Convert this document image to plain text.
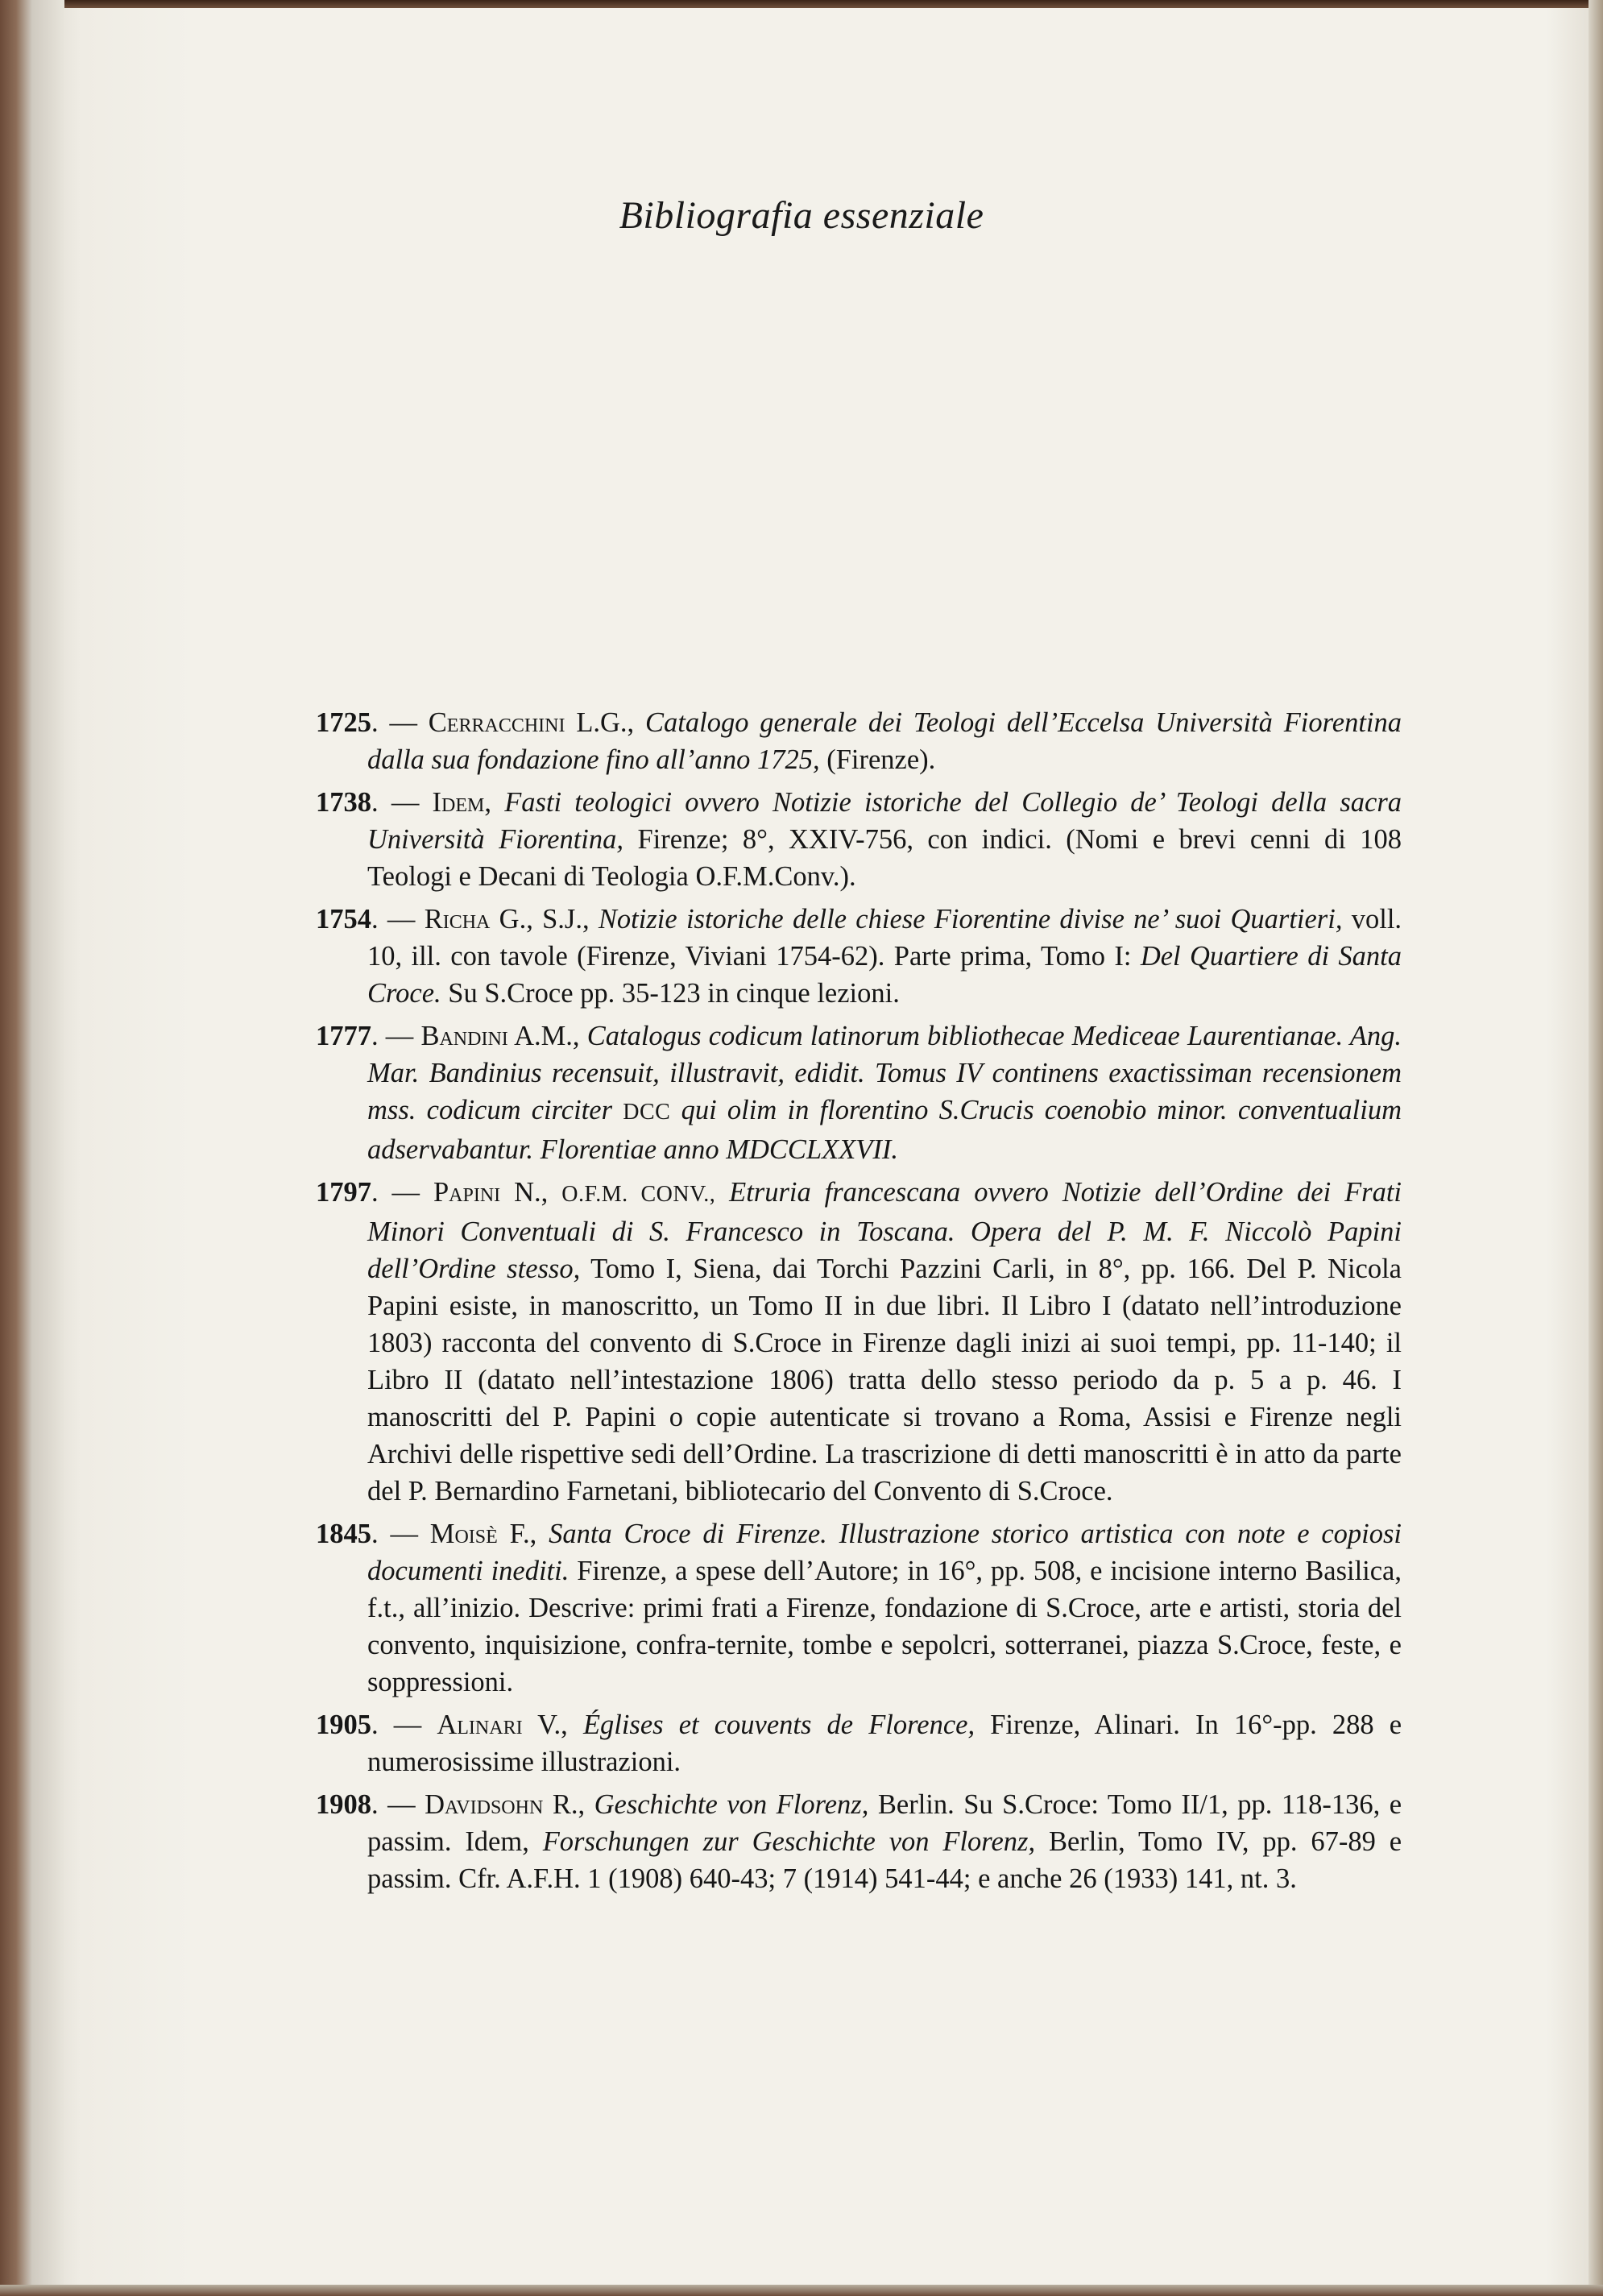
Bibliografia essenziale

1725. — Cerracchini L.G., Catalogo generale dei Teologi dell’Eccelsa Università Fiorentina dalla sua fondazione fino all’anno 1725, (Firenze).

1738. — Idem, Fasti teologici ovvero Notizie istoriche del Collegio de’ Teologi della sacra Università Fiorentina, Firenze; 8°, XXIV-756, con indici. (Nomi e brevi cenni di 108 Teologi e Decani di Teologia O.F.M.Conv.).

1754. — Richa G., S.J., Notizie istoriche delle chiese Fiorentine divise ne’ suoi Quartieri, voll. 10, ill. con tavole (Firenze, Viviani 1754-62). Parte prima, Tomo I: Del Quartiere di Santa Croce. Su S.Croce pp. 35-123 in cinque lezioni.

1777. — Bandini A.M., Catalogus codicum latinorum bibliothecae Mediceae Laurentianae. Ang. Mar. Bandinius recensuit, illustravit, edidit. Tomus IV continens exactissiman recensionem mss. codicum circiter DCC qui olim in florentino S.Crucis coenobio minor. conventualium adservabantur. Florentiae anno MDCCLXXVII.

1797. — Papini N., O.F.M. CONV., Etruria francescana ovvero Notizie dell’Ordine dei Frati Minori Conventuali di S. Francesco in Toscana. Opera del P. M. F. Niccolò Papini dell’Ordine stesso, Tomo I, Siena, dai Torchi Pazzini Carli, in 8°, pp. 166. Del P. Nicola Papini esiste, in manoscritto, un Tomo II in due libri. Il Libro I (datato nell’introduzione 1803) racconta del convento di S.Croce in Firenze dagli inizi ai suoi tempi, pp. 11-140; il Libro II (datato nell’intestazione 1806) tratta dello stesso periodo da p. 5 a p. 46. I manoscritti del P. Papini o copie autenticate si trovano a Roma, Assisi e Firenze negli Archivi delle rispettive sedi dell’Ordine. La trascrizione di detti manoscritti è in atto da parte del P. Bernardino Farnetani, bibliotecario del Convento di S.Croce.

1845. — Moisè F., Santa Croce di Firenze. Illustrazione storico artistica con note e copiosi documenti inediti. Firenze, a spese dell’Autore; in 16°, pp. 508, e incisione interno Basilica, f.t., all’inizio. Descrive: primi frati a Firenze, fondazione di S.Croce, arte e artisti, storia del convento, inquisizione, confra-ternite, tombe e sepolcri, sotterranei, piazza S.Croce, feste, e soppressioni.

1905. — Alinari V., Églises et couvents de Florence, Firenze, Alinari. In 16°-pp. 288 e numerosissime illustrazioni.

1908. — Davidsohn R., Geschichte von Florenz, Berlin. Su S.Croce: Tomo II/1, pp. 118-136, e passim. Idem, Forschungen zur Geschichte von Florenz, Berlin, Tomo IV, pp. 67-89 e passim. Cfr. A.F.H. 1 (1908) 640-43; 7 (1914) 541-44; e anche 26 (1933) 141, nt. 3.
